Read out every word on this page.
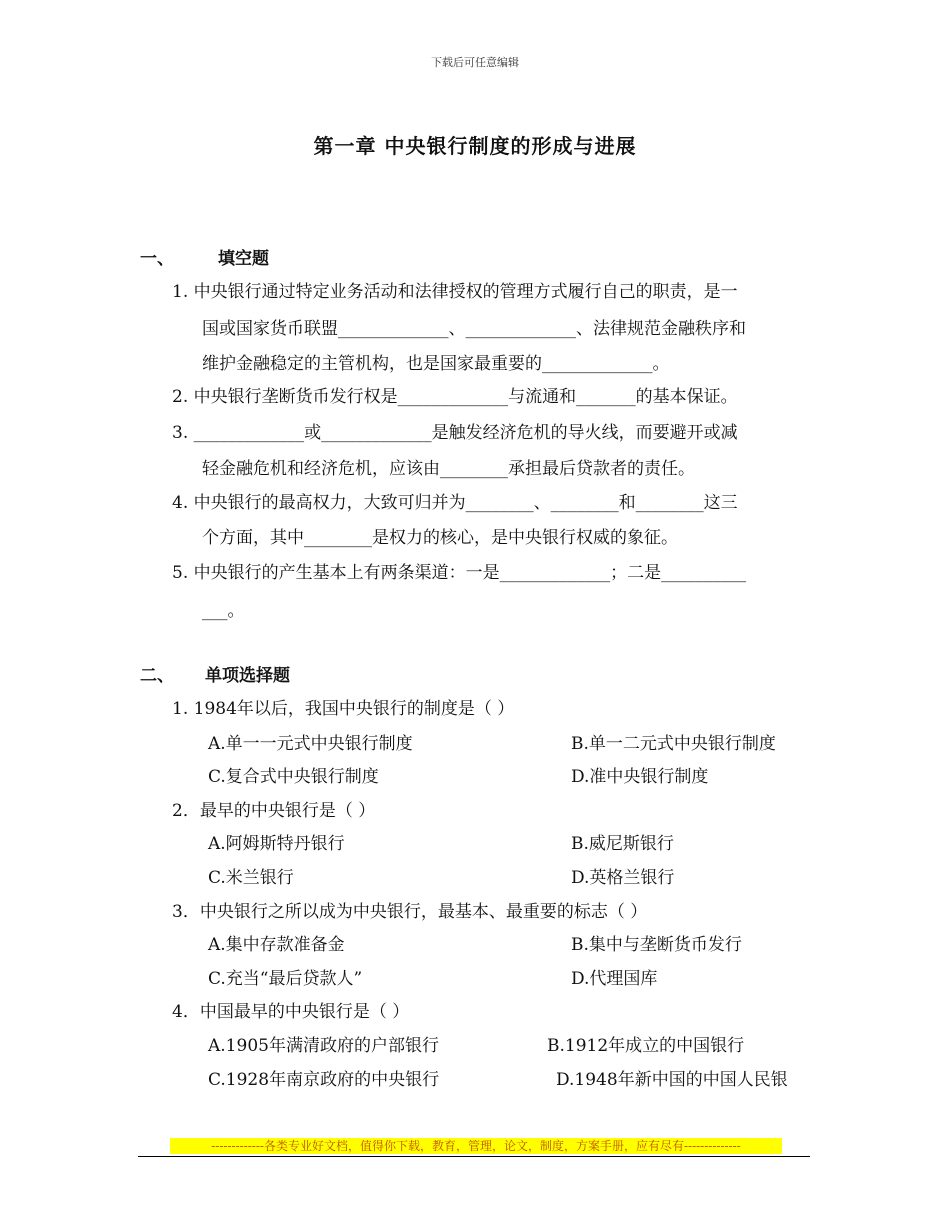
下载后可任意编辑
第一章 中央银行制度的形成与进展
一、	填空题
1. 中央银行通过特定业务活动和法律授权的管理方式履行自己的职责，是一
国或国家货币联盟_____________、_____________、法律规范金融秩序和
维护金融稳定的主管机构，也是国家最重要的_____________。
2. 中央银行垄断货币发行权是_____________与流通和_______的基本保证。
3. _____________或_____________是触发经济危机的导火线，而要避开或减
轻金融危机和经济危机，应该由________承担最后贷款者的责任。
4. 中央银行的最高权力，大致可归并为________、________和________这三
个方面，其中________是权力的核心，是中央银行权威的象征。
5. 中央银行的产生基本上有两条渠道：一是_____________；二是__________
___。
二、 单项选择题
1. 1984年以后，我国中央银行的制度是（ ）
A.单一一元式中央银行制度	B.单一二元式中央银行制度
C.复合式中央银行制度	D.准中央银行制度
2．最早的中央银行是（ ）
A.阿姆斯特丹银行	B.威尼斯银行
C.米兰银行	D.英格兰银行
3．中央银行之所以成为中央银行，最基本、最重要的标志（ ）
A.集中存款准备金	B.集中与垄断货币发行
C.充当“最后贷款人”	D.代理国库
4．中国最早的中央银行是（ ）
A.1905年满清政府的户部银行	B.1912年成立的中国银行
C.1928年南京政府的中央银行	D.1948年新中国的中国人民银
-------------各类专业好文档，值得你下载，教育，管理，论文，制度，方案手册，应有尽有--------------
